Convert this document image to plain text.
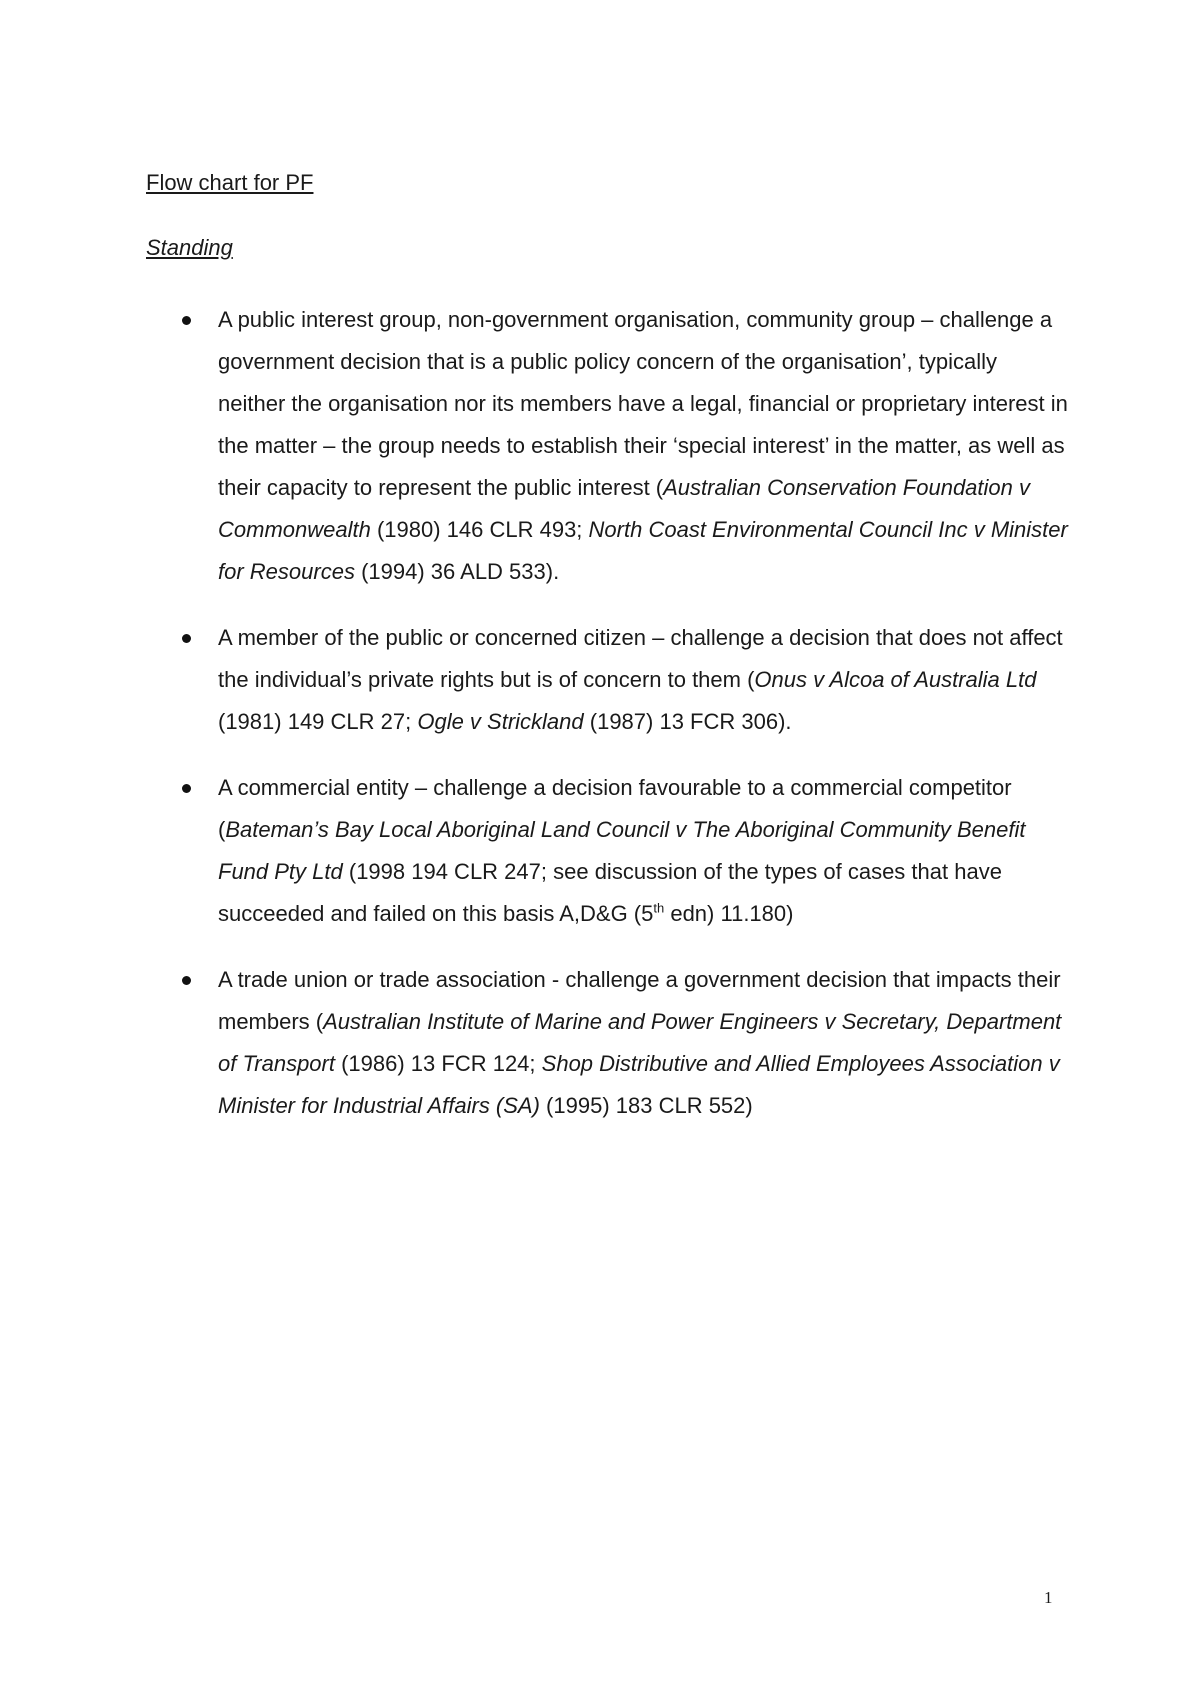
Flow chart for PF
Standing
A public interest group, non-government organisation, community group – challenge a government decision that is a public policy concern of the organisation’, typically neither the organisation nor its members have a legal, financial or proprietary interest in the matter – the group needs to establish their ‘special interest’ in the matter, as well as their capacity to represent the public interest (Australian Conservation Foundation v Commonwealth (1980) 146 CLR 493; North Coast Environmental Council Inc v Minister for Resources (1994) 36 ALD 533).
A member of the public or concerned citizen – challenge a decision that does not affect the individual’s private rights but is of concern to them (Onus v Alcoa of Australia Ltd (1981) 149 CLR 27; Ogle v Strickland (1987) 13 FCR 306).
A commercial entity – challenge a decision favourable to a commercial competitor (Bateman’s Bay Local Aboriginal Land Council v The Aboriginal Community Benefit Fund Pty Ltd (1998 194 CLR 247; see discussion of the types of cases that have succeeded and failed on this basis A,D&G (5th edn) 11.180)
A trade union or trade association - challenge a government decision that impacts their members (Australian Institute of Marine and Power Engineers v Secretary, Department of Transport (1986) 13 FCR 124; Shop Distributive and Allied Employees Association v Minister for Industrial Affairs (SA) (1995) 183 CLR 552)
1
